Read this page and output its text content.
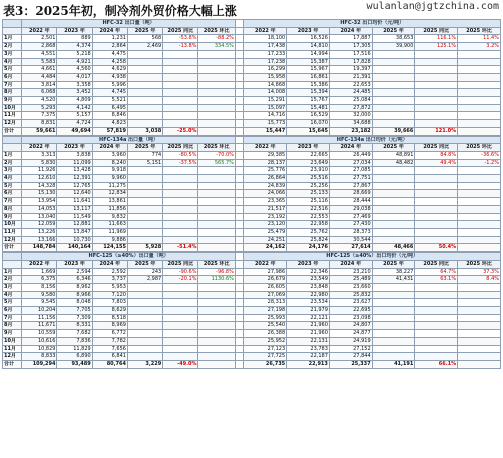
表3：2025年初，制冷剂外贸价格大幅上涨	wulanlan@jgtzchina.com
	HFC-32 出口量（吨）							HFC-32 出口均价（元/吨）					
	2022 年	2023 年	2024 年	2025 年	2025 同比	2025 环比		2022 年	2023 年	2024 年	2025 年	2025 同比	2025 环比
1月	2,501	889	1,231	568	-53.8%	-88.2%		18,100	16,526	17,887	38,653	116.1%	11.4%
2月	2,868	4,374	2,864	2,469	-13.8%	334.5%		17,438	14,810	17,305	39,900	125.1%	3.2%
3月	4,551	5,218	4,475					17,233	14,994	17,516			
4月	5,583	4,921	4,258					17,238	15,387	17,828			
5月	4,661	4,560	4,629					16,299	15,967	19,397			
6月	4,484	4,017	4,938					15,958	16,861	21,391			
7月	3,814	3,358	5,996					14,868	15,386	22,653			
8月	6,068	3,452	4,745					14,008	15,394	24,485			
9月	4,520	4,809	5,521					15,291	15,767	25,084			
10月	5,293	4,142	6,495					15,097	15,481	27,872			
11月	7,375	5,157	8,846					14,716	16,529	32,000			
12月	8,831	4,724	4,823					15,773	16,070	34,688			
合计	59,661	49,694	57,819	3,038	-25.0%			15,447	15,645	23,182	39,666	121.0%	
	HFC-134a 出口量（吨）							HFC-134a 出口均价（元/吨）					
	2022 年	2023 年	2024 年	2025 年	2025 同比	2025 环比		2022 年	2023 年	2024 年	2025 年	2025 同比	2025 环比
1月	3,313	3,838	3,960	774	-80.5%	-70.0%		29,385	22,665	26,449	48,891	84.8%	-36.6%
2月	5,830	11,099	8,240	5,151	-37.5%	565.7%		28,137	23,649	27,034	48,482	49.4%	-1.2%
3月	11,926	13,428	9,918					25,776	23,910	27,085			
4月	12,610	12,391	9,960					26,864	25,516	27,751			
5月	14,328	12,765	11,275					24,839	25,256	27,867			
6月	15,130	12,640	12,834					24,066	25,133	28,669			
7月	13,954	11,641	13,861					23,365	25,116	28,444			
8月	14,053	13,117	11,856					21,517	22,516	29,038			
9月	13,040	11,549	9,832					23,192	22,553	27,469			
10月	12,059	12,881	11,663					23,120	22,958	27,430			
11月	13,226	13,847	11,969					25,479	25,762	28,373			
12月	13,166	10,730	9,886					24,251	25,824	30,544			
合计	148,784	140,164	124,155	5,928	-51.4%			24,162	24,176	27,614	48,466	50.4%	
	HFC-125（≥40%）出口量（吨）							HFC-125（≥40%）出口均价（元/吨）					
	2022 年	2023 年	2024 年	2025 年	2025 同比	2025 环比		2022 年	2023 年	2024 年	2025 年	2025 同比	2025 环比
1月	1,669	2,594	2,592	243	-90.6%	-96.8%		27,986	22,346	23,210	38,227	64.7%	37.3%
2月	6,375	6,346	3,737	2,987	-20.1%	1130.6%		26,679	23,549	25,489	41,431	63.1%	8.4%
3月	8,156	8,962	5,953					26,605	23,848	23,660			
4月	9,580	8,966	7,120					27,069	22,980	25,832			
5月	9,545	8,048	7,803					28,313	23,534	23,627			
6月	10,204	7,705	8,629					27,198	21,979	22,695			
7月	11,156	7,309	8,518					25,993	22,121	23,098			
8月	11,671	8,331	8,969					25,540	21,960	24,807			
9月	10,559	7,682	6,772					26,388	21,960	24,877			
10月	10,616	7,836	7,782					25,952	22,131	24,919			
11月	10,829	11,829	7,656					27,123	23,783	27,152			
12月	8,833	6,890	6,841					27,725	22,187	27,844			
合计	109,294	93,489	80,764	3,229	-49.0%			26,735	22,913	25,337	41,191	66.1%	
